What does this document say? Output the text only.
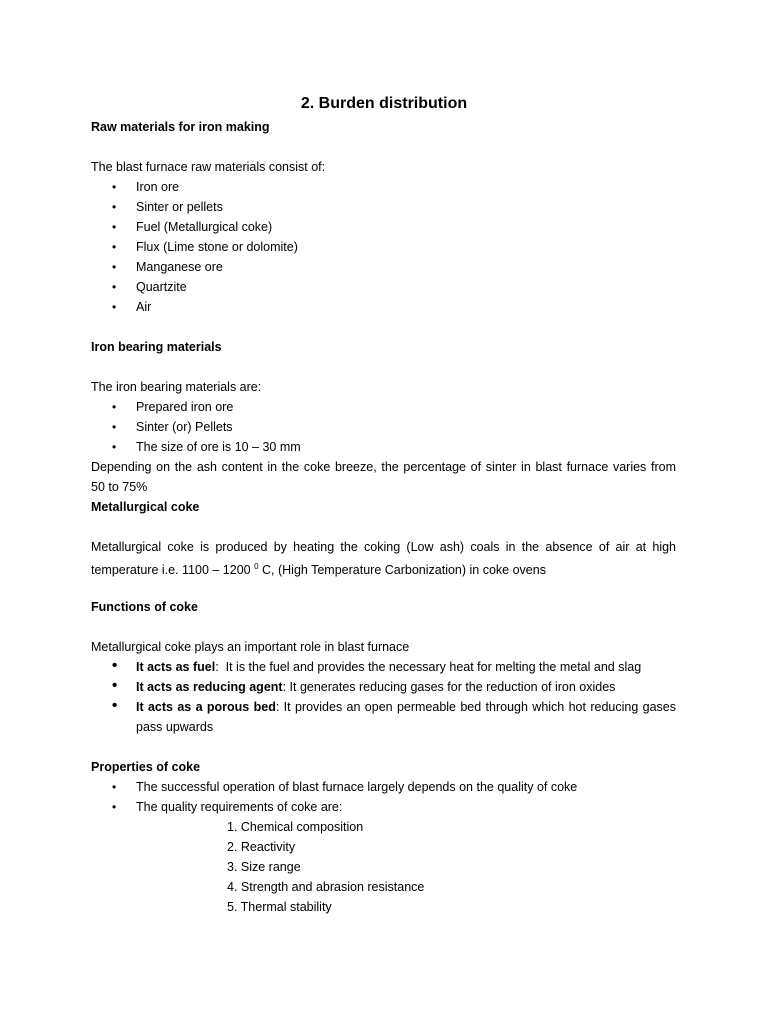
2. Burden distribution
Raw materials for iron making
The blast furnace raw materials consist of:
•	Iron ore
•	Sinter or pellets
•	Fuel (Metallurgical coke)
•	Flux (Lime stone or dolomite)
•	Manganese ore
•	Quartzite
•	Air
Iron bearing materials
The iron bearing materials are:
•	Prepared iron ore
•	Sinter (or) Pellets
•	The size of ore is 10 – 30 mm
Depending on the ash content in the coke breeze, the percentage of sinter in blast furnace varies from
50 to 75%
Metallurgical coke
Metallurgical coke is produced by heating the coking (Low ash) coals in the absence of air at high
temperature i.e. 1100 – 1200 $^0$ C, (High Temperature Carbonization) in coke ovens
Functions of coke
Metallurgical coke plays an important role in blast furnace
•	It acts as fuel:  It is the fuel and provides the necessary heat for melting the metal and slag
•	It acts as reducing agent: It generates reducing gases for the reduction of iron oxides
•	It acts as a porous bed: It provides an open permeable bed through which hot reducing gases
pass upwards
Properties of coke
•	The successful operation of blast furnace largely depends on the quality of coke
•	The quality requirements of coke are:
1. Chemical composition
2. Reactivity
3. Size range
4. Strength and abrasion resistance
5. Thermal stability
